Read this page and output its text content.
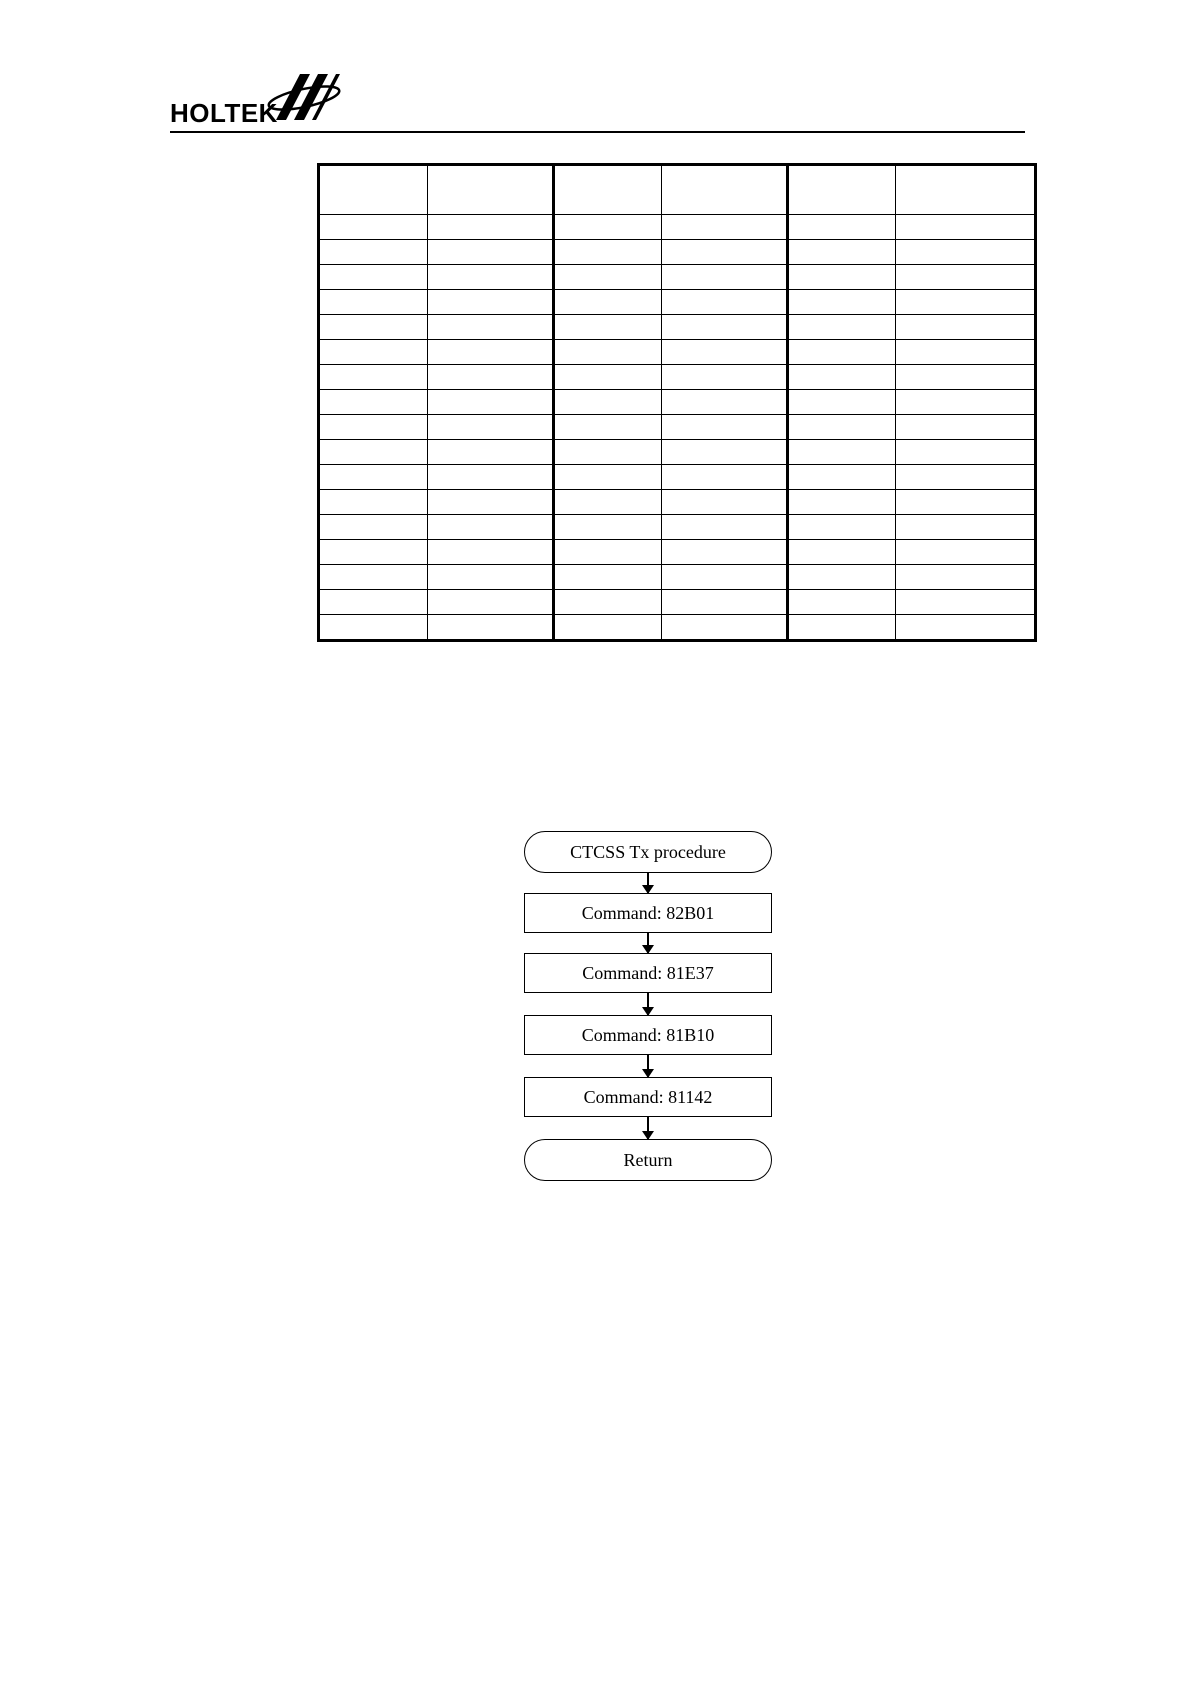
HOLTEK

CTCSS Tx procedure
Command: 82B01
Command: 81E37
Command: 81B10
Command: 81142
Return
